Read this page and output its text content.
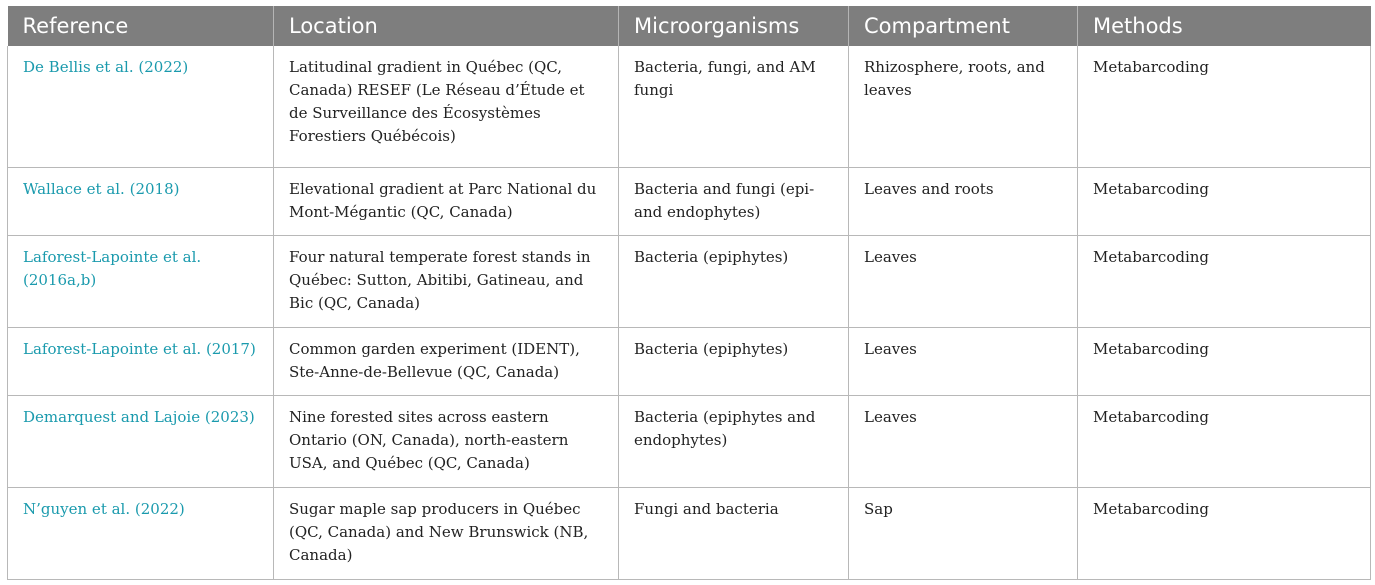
Reference	Location	Microorganisms	Compartment	Methods
De Bellis et al. (2022)	Latitudinal gradient in Québec (QC, Canada) RESEF (Le Réseau d’Étude et de Surveillance des Écosystèmes Forestiers Québécois)	Bacteria, fungi, and AM fungi	Rhizosphere, roots, and leaves	Metabarcoding
Wallace et al. (2018)	Elevational gradient at Parc National du Mont-Mégantic (QC, Canada)	Bacteria and fungi (epi- and endophytes)	Leaves and roots	Metabarcoding
Laforest-Lapointe et al. (2016a,b)	Four natural temperate forest stands in Québec: Sutton, Abitibi, Gatineau, and Bic (QC, Canada)	Bacteria (epiphytes)	Leaves	Metabarcoding
Laforest-Lapointe et al. (2017)	Common garden experiment (IDENT), Ste-Anne-de-Bellevue (QC, Canada)	Bacteria (epiphytes)	Leaves	Metabarcoding
Demarquest and Lajoie (2023)	Nine forested sites across eastern Ontario (ON, Canada), north-eastern USA, and Québec (QC, Canada)	Bacteria (epiphytes and endophytes)	Leaves	Metabarcoding
N’guyen et al. (2022)	Sugar maple sap producers in Québec (QC, Canada) and New Brunswick (NB, Canada)	Fungi and bacteria	Sap	Metabarcoding
